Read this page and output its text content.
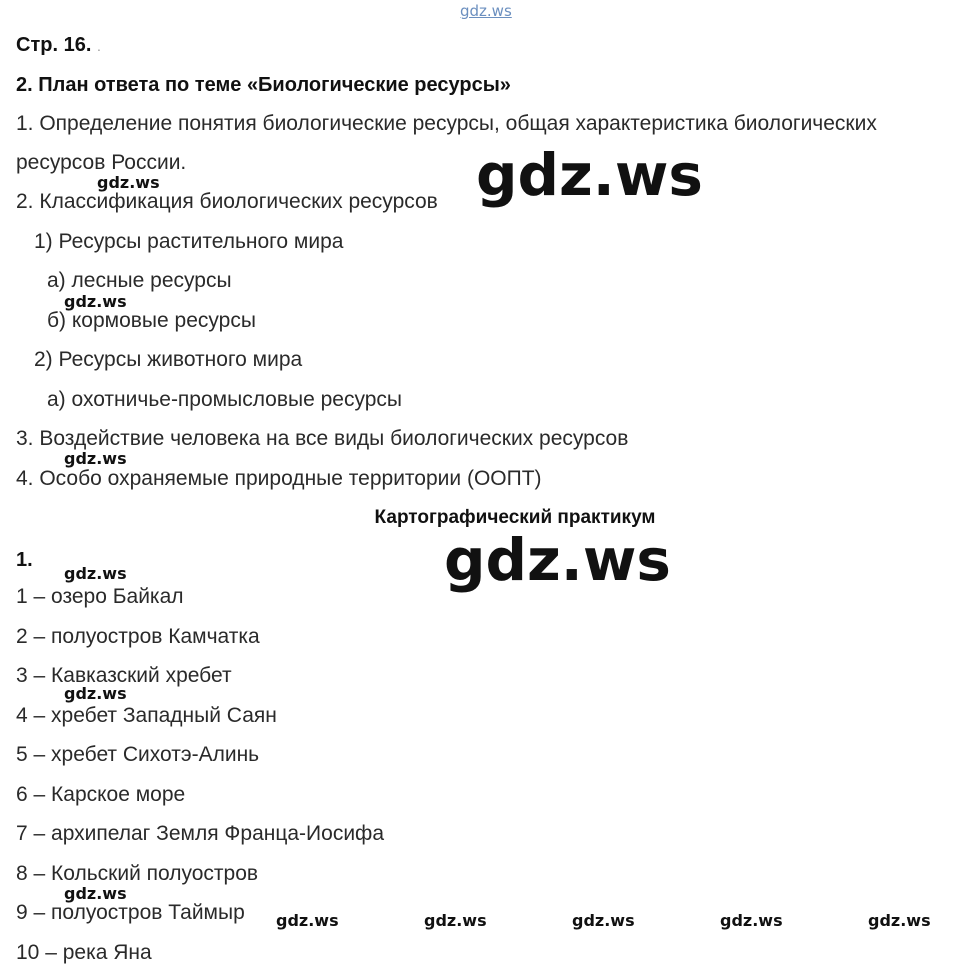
gdz.ws
Стр. 16. .
2. План ответа по теме «Биологические ресурсы»
1. Определение понятия биологические ресурсы, общая характеристика биологических
ресурсов России.
2. Классификация биологических ресурсов
1) Ресурсы растительного мира
а) лесные ресурсы
б) кормовые ресурсы
2) Ресурсы животного мира
а) охотничье-промысловые ресурсы
3. Воздействие человека на все виды биологических ресурсов
4. Особо охраняемые природные территории (ООПТ)
Картографический практикум
1.
1 – озеро Байкал
2 – полуостров Камчатка
3 – Кавказский хребет
4 – хребет Западный Саян
5 – хребет Сихотэ-Алинь
6 – Карское море
7 – архипелаг Земля Франца-Иосифа
8 – Кольский полуостров
9 – полуостров Таймыр
10 – река Яна
gdz.ws
gdz.ws
gdz.ws
gdz.ws
gdz.ws
gdz.ws
gdz.ws
gdz.ws
gdz.ws	gdz.ws	gdz.ws	gdz.ws	gdz.ws
